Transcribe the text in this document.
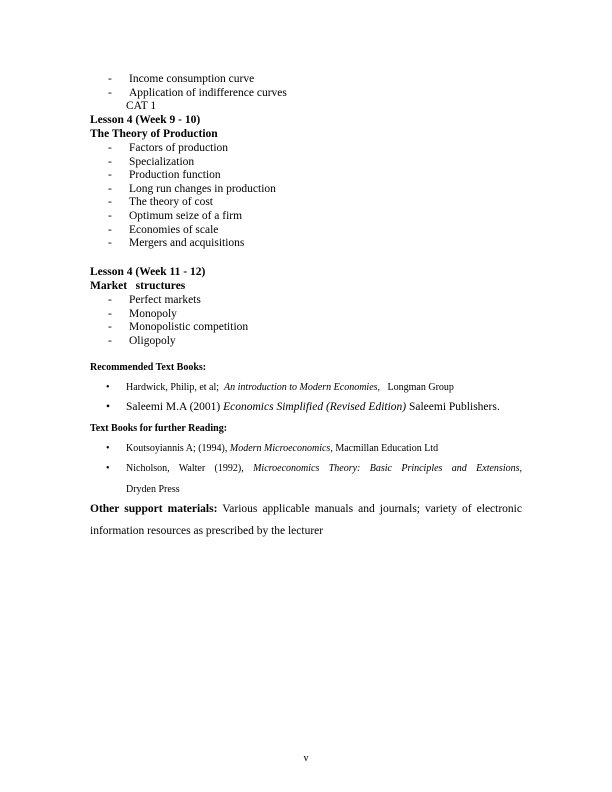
- Income consumption curve
- Application of indifference curves
CAT 1
Lesson 4 (Week 9 - 10)
The Theory of Production
- Factors of production
- Specialization
- Production function
- Long run changes in production
- The theory of cost
- Optimum seize of a firm
- Economies of scale
- Mergers and acquisitions
Lesson 4 (Week 11 - 12)
Market   structures
- Perfect markets
- Monopoly
- Monopolistic competition
- Oligopoly
Recommended Text Books:
• Hardwick, Philip, et al; An introduction to Modern Economies, Longman Group
• Saleemi M.A (2001) Economics Simplified (Revised Edition) Saleemi Publishers.
Text Books for further Reading:
• Koutsoyiannis A; (1994), Modern Microeconomics, Macmillan Education Ltd
• Nicholson, Walter (1992), Microeconomics Theory: Basic Principles and Extensions,
Dryden Press
Other support materials: Various applicable manuals and journals; variety of electronic information resources as prescribed by the lecturer
v
